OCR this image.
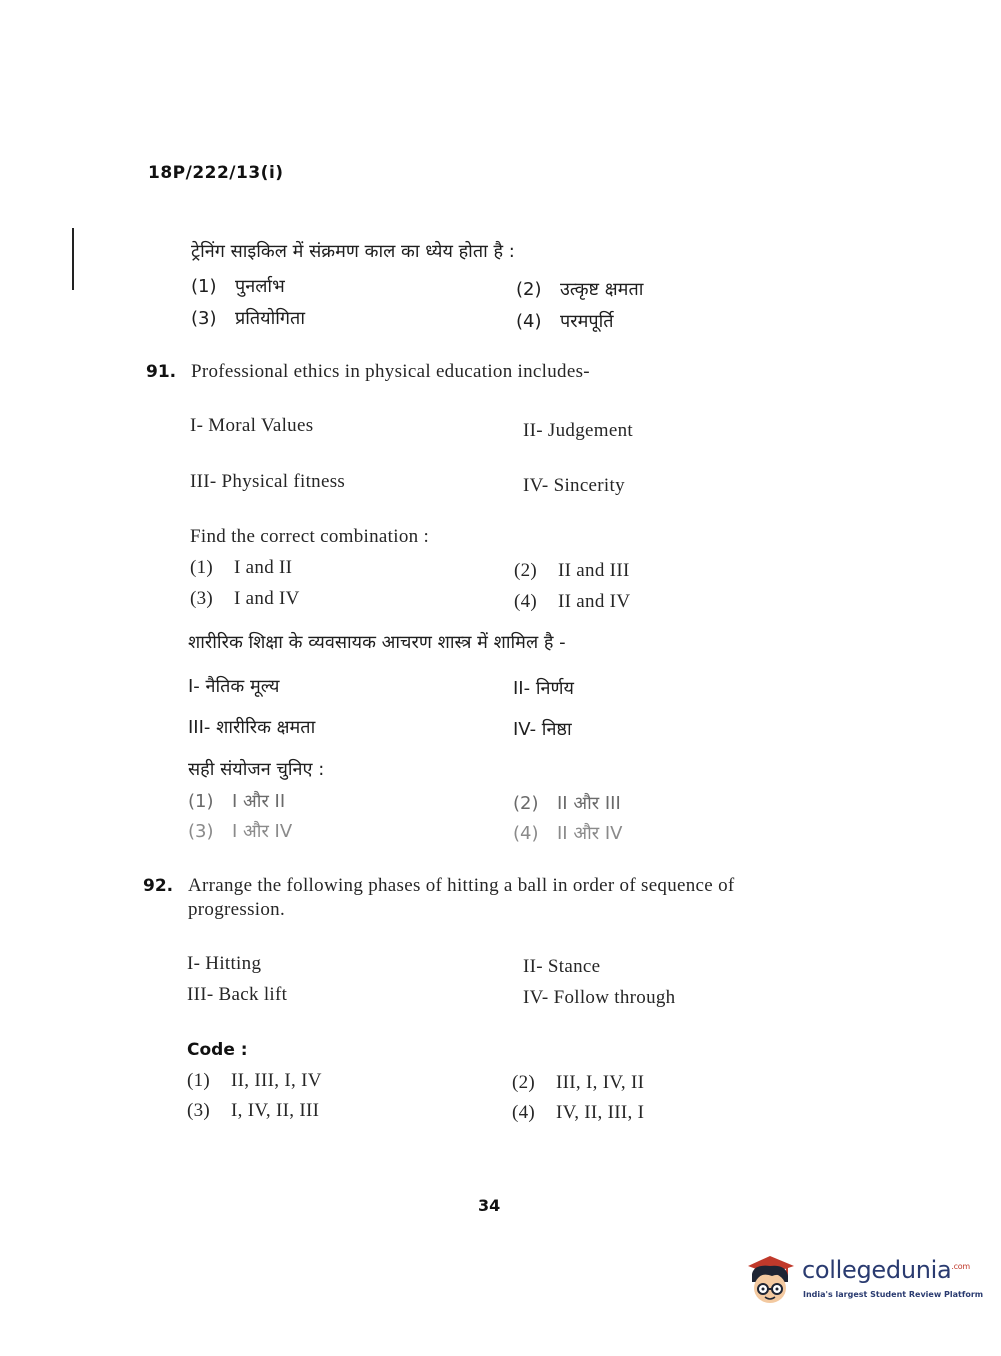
18P/222/13(i)
ट्रेनिंग साइकिल में संक्रमण काल का ध्येय होता है :
(1) पुनर्लाभ	(2) उत्कृष्ट क्षमता
(3) प्रतियोगिता	(4) परमपूर्ति
91. Professional ethics in physical education includes-
I- Moral Values	II- Judgement
III- Physical fitness	IV- Sincerity
Find the correct combination :
(1) I and II	(2) II and III
(3) I and IV	(4) II and IV
शारीरिक शिक्षा के व्यवसायक आचरण शास्त्र में शामिल है -
I- नैतिक मूल्य	II- निर्णय
III- शारीरिक क्षमता	IV- निष्ठा
सही संयोजन चुनिए :
(1) I और II	(2) II और III
(3) I और IV	(4) II और IV
92. Arrange the following phases of hitting a ball in order of sequence of
progression.
I- Hitting	II- Stance
III- Back lift	IV- Follow through
Code :
(1) II, III, I, IV	(2) III, I, IV, II
(3) I, IV, II, III	(4) IV, II, III, I
34
collegedunia$^{.com}$
India's largest Student Review Platform
